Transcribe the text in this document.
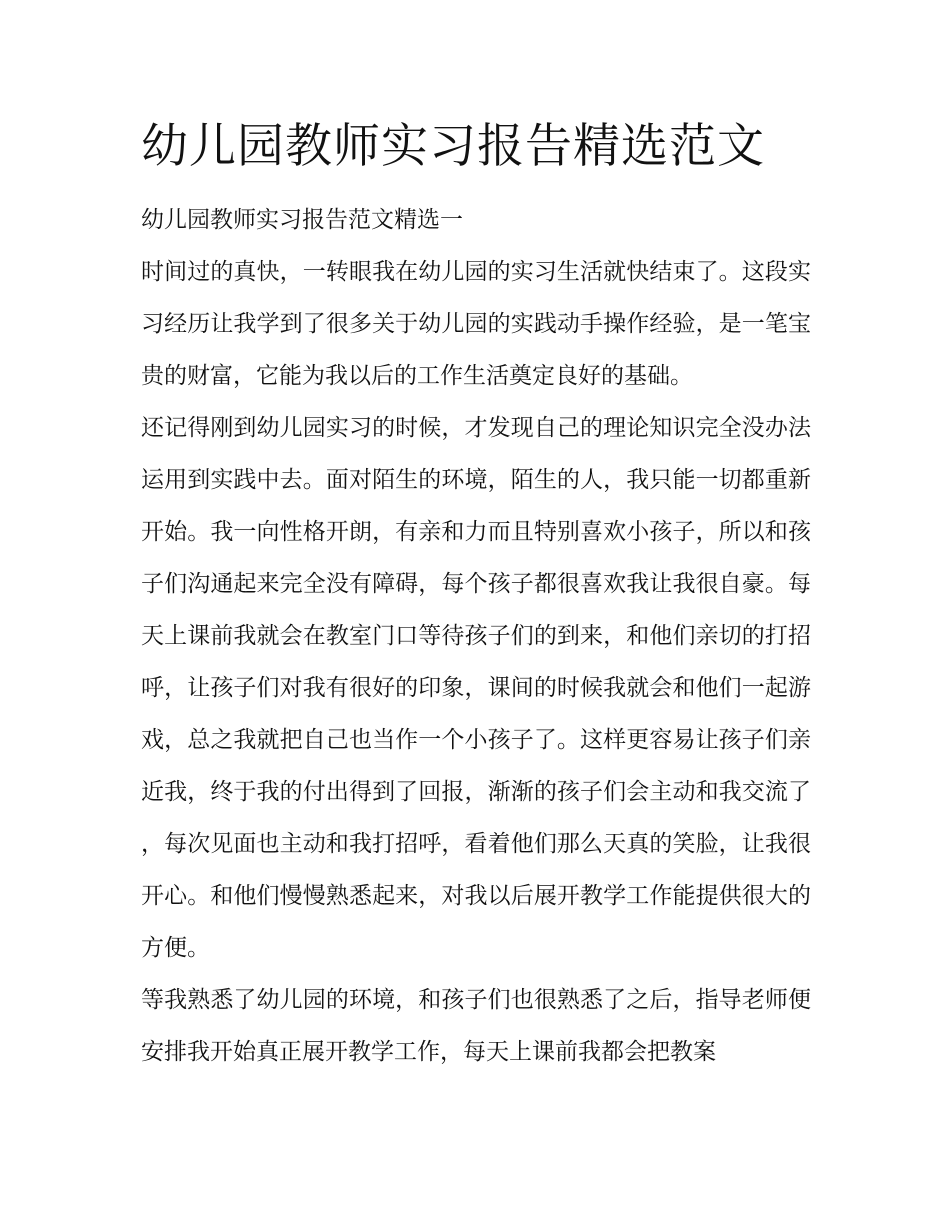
幼儿园教师实习报告精选范文
幼儿园教师实习报告范文精选一

时间过的真快，一转眼我在幼儿园的实习生活就快结束了。这段实习经历让我学到了很多关于幼儿园的实践动手操作经验，是一笔宝贵的财富，它能为我以后的工作生活奠定良好的基础。

还记得刚到幼儿园实习的时候，才发现自己的理论知识完全没办法运用到实践中去。面对陌生的环境，陌生的人，我只能一切都重新开始。我一向性格开朗，有亲和力而且特别喜欢小孩子，所以和孩子们沟通起来完全没有障碍，每个孩子都很喜欢我让我很自豪。每天上课前我就会在教室门口等待孩子们的到来，和他们亲切的打招呼，让孩子们对我有很好的印象，课间的时候我就会和他们一起游戏，总之我就把自己也当作一个小孩子了。这样更容易让孩子们亲近我，终于我的付出得到了回报，渐渐的孩子们会主动和我交流了，每次见面也主动和我打招呼，看着他们那么天真的笑脸，让我很开心。和他们慢慢熟悉起来，对我以后展开教学工作能提供很大的方便。

等我熟悉了幼儿园的环境，和孩子们也很熟悉了之后，指导老师便安排我开始真正展开教学工作，每天上课前我都会把教案
